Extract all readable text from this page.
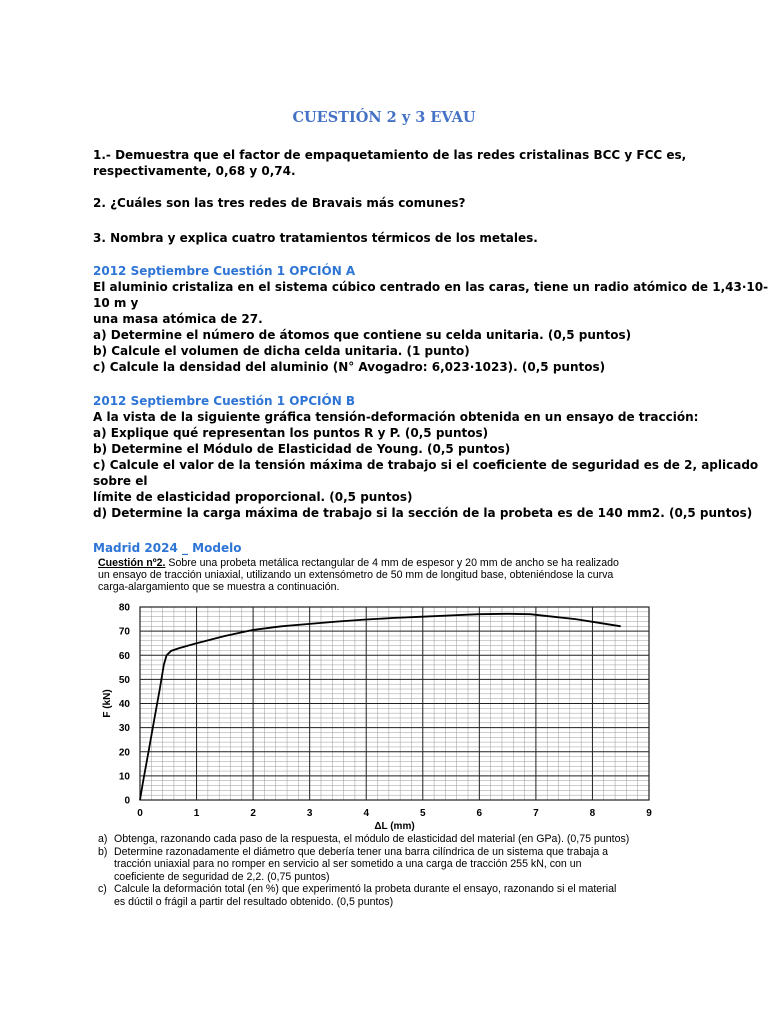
CUESTIÓN 2 y 3 EVAU
1.- Demuestra que el factor de empaquetamiento de las redes cristalinas BCC y FCC es,
respectivamente, 0,68 y 0,74.
2. ¿Cuáles son las tres redes de Bravais más comunes?
3. Nombra y explica cuatro tratamientos térmicos de los metales.
2012 Septiembre Cuestión 1 OPCIÓN A
El aluminio cristaliza en el sistema cúbico centrado en las caras, tiene un radio atómico de 1,43·10-
10 m y
una masa atómica de 27.
a) Determine el número de átomos que contiene su celda unitaria. (0,5 puntos)
b) Calcule el volumen de dicha celda unitaria. (1 punto)
c) Calcule la densidad del aluminio (N° Avogadro: 6,023·1023). (0,5 puntos)
2012 Septiembre Cuestión 1 OPCIÓN B
A la vista de la siguiente gráfica tensión-deformación obtenida en un ensayo de tracción:
a) Explique qué representan los puntos R y P. (0,5 puntos)
b) Determine el Módulo de Elasticidad de Young. (0,5 puntos)
c) Calcule el valor de la tensión máxima de trabajo si el coeficiente de seguridad es de 2, aplicado
sobre el
límite de elasticidad proporcional. (0,5 puntos)
d) Determine la carga máxima de trabajo si la sección de la probeta es de 140 mm2. (0,5 puntos)
Madrid 2024 _ Modelo
Cuestión nº2. Sobre una probeta metálica rectangular de 4 mm de espesor y 20 mm de ancho se ha realizado
un ensayo de tracción uniaxial, utilizando un extensómetro de 50 mm de longitud base, obteniéndose la curva
carga-alargamiento que se muestra a continuación.
0
10
20
30
40
50
60
70
80
0	1	2	3	4	5	6	7	8	9
F (kN)
ΔL (mm)
a) Obtenga, razonando cada paso de la respuesta, el módulo de elasticidad del material (en GPa). (0,75 puntos)
b) Determine razonadamente el diámetro que debería tener una barra cilíndrica de un sistema que trabaja a
tracción uniaxial para no romper en servicio al ser sometido a una carga de tracción 255 kN, con un
coeficiente de seguridad de 2,2. (0,75 puntos)
c) Calcule la deformación total (en %) que experimentó la probeta durante el ensayo, razonando si el material
es dúctil o frágil a partir del resultado obtenido. (0,5 puntos)
